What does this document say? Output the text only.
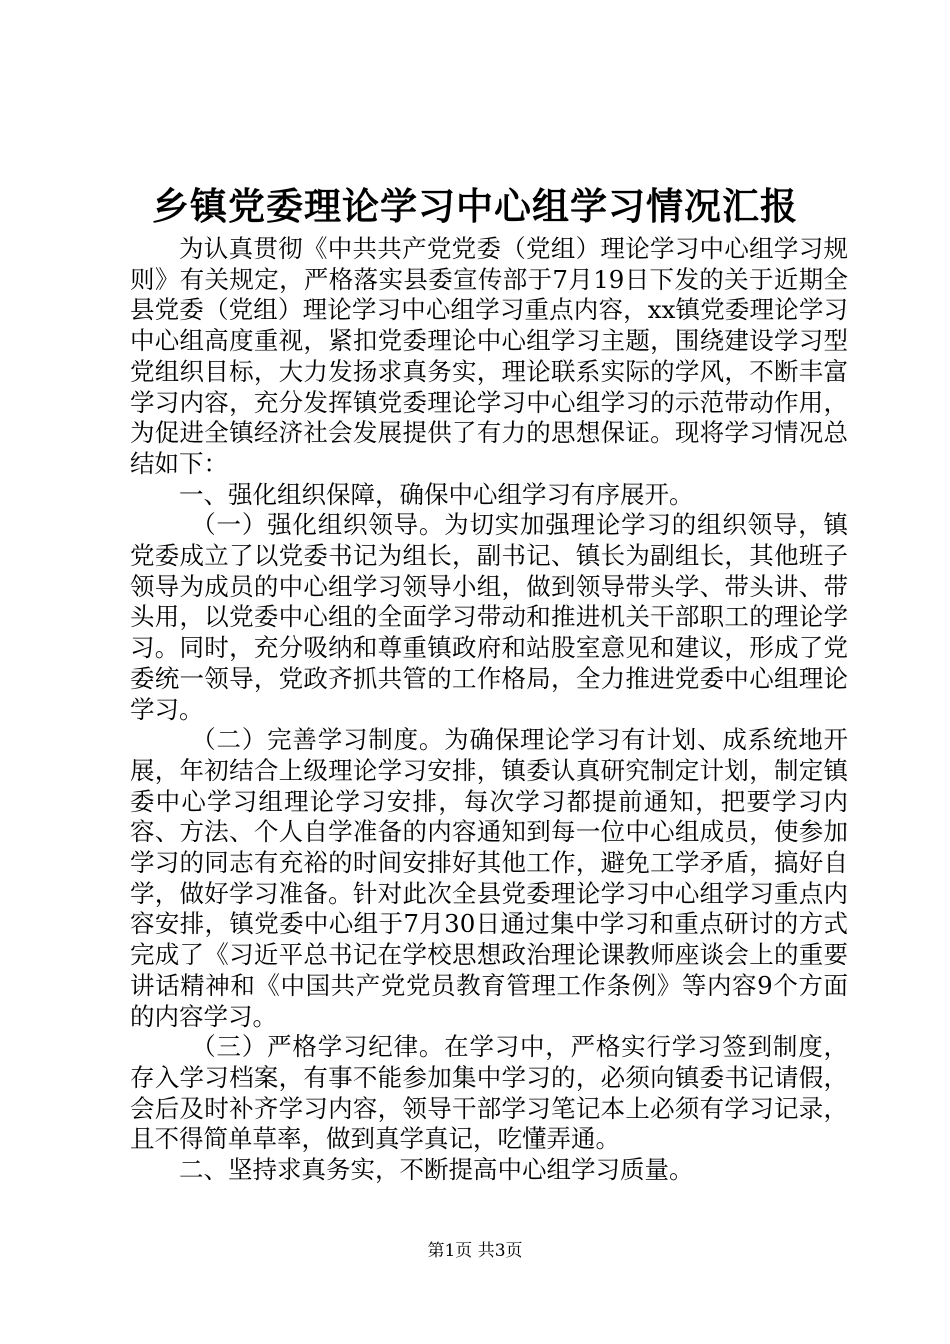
乡镇党委理论学习中心组学习情况汇报

为认真贯彻《中共共产党党委（党组）理论学习中心组学习规则》有关规定，严格落实县委宣传部于7月19日下发的关于近期全县党委（党组）理论学习中心组学习重点内容，xx镇党委理论学习中心组高度重视，紧扣党委理论中心组学习主题，围绕建设学习型党组织目标，大力发扬求真务实，理论联系实际的学风，不断丰富学习内容，充分发挥镇党委理论学习中心组学习的示范带动作用，为促进全镇经济社会发展提供了有力的思想保证。现将学习情况总结如下：

一、强化组织保障，确保中心组学习有序展开。

（一）强化组织领导。为切实加强理论学习的组织领导，镇党委成立了以党委书记为组长，副书记、镇长为副组长，其他班子领导为成员的中心组学习领导小组，做到领导带头学、带头讲、带头用，以党委中心组的全面学习带动和推进机关干部职工的理论学习。同时，充分吸纳和尊重镇政府和站股室意见和建议，形成了党委统一领导，党政齐抓共管的工作格局，全力推进党委中心组理论学习。

（二）完善学习制度。为确保理论学习有计划、成系统地开展，年初结合上级理论学习安排，镇委认真研究制定计划，制定镇委中心学习组理论学习安排，每次学习都提前通知，把要学习内容、方法、个人自学准备的内容通知到每一位中心组成员，使参加学习的同志有充裕的时间安排好其他工作，避免工学矛盾，搞好自学，做好学习准备。针对此次全县党委理论学习中心组学习重点内容安排，镇党委中心组于7月30日通过集中学习和重点研讨的方式完成了《习近平总书记在学校思想政治理论课教师座谈会上的重要讲话精神和《中国共产党党员教育管理工作条例》等内容9个方面的内容学习。

（三）严格学习纪律。在学习中，严格实行学习签到制度，存入学习档案，有事不能参加集中学习的，必须向镇委书记请假，会后及时补齐学习内容，领导干部学习笔记本上必须有学习记录，且不得简单草率，做到真学真记，吃懂弄通。

二、坚持求真务实，不断提高中心组学习质量。

第1页 共3页
